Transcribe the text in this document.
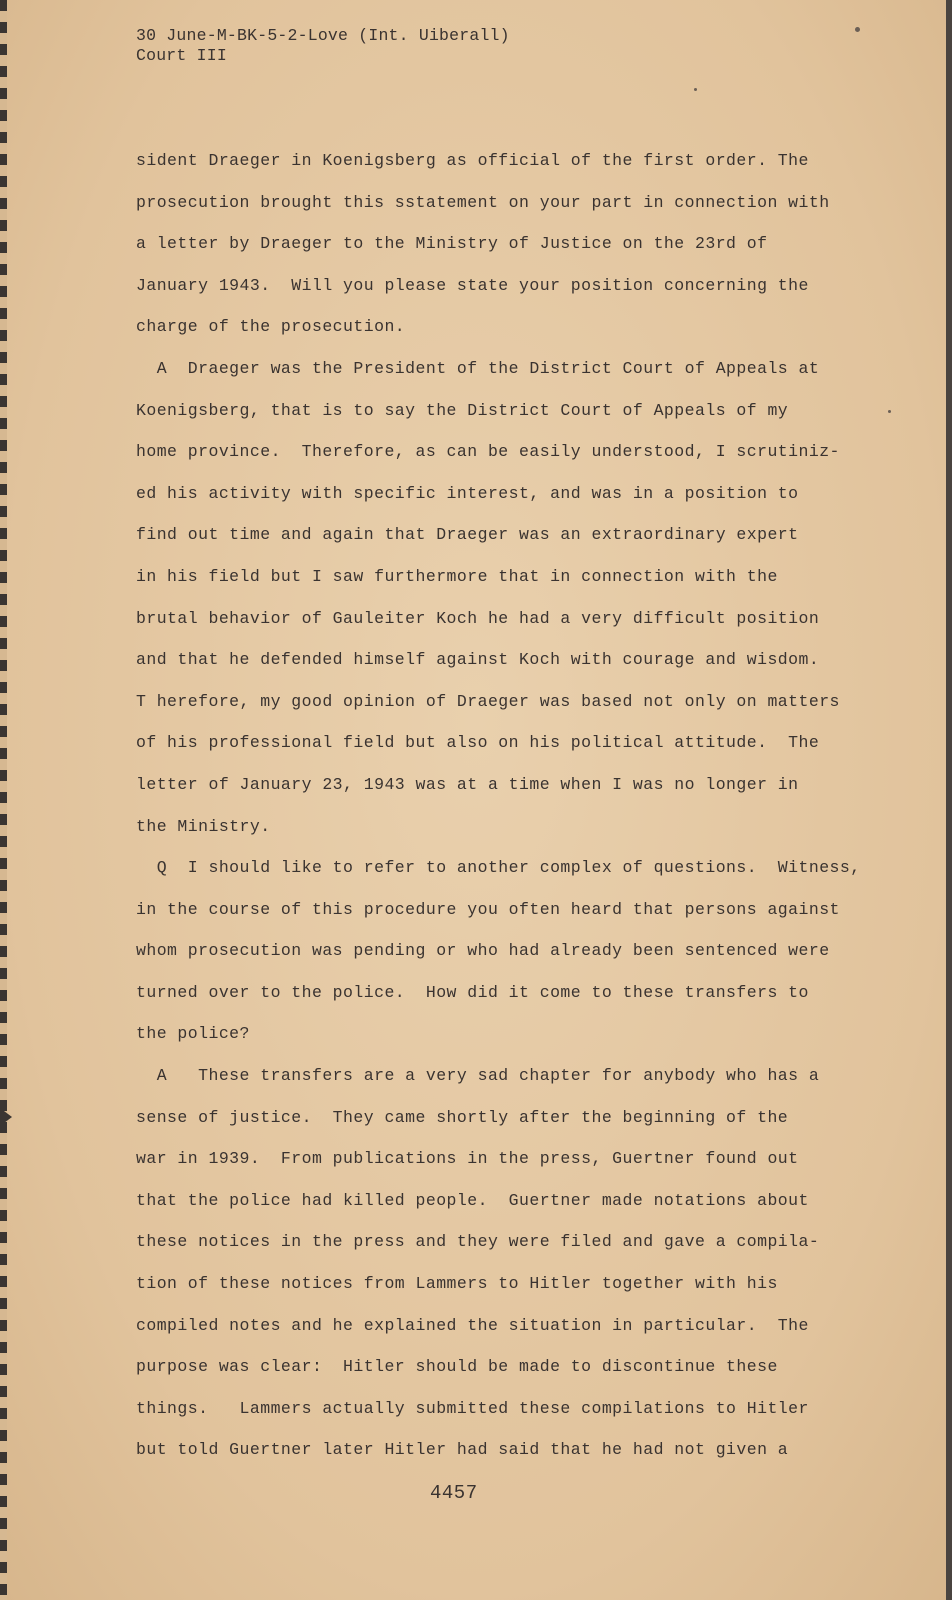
30 June-M-BK-5-2-Love (Int. Uiberall)
Court III
sident Draeger in Koenigsberg as official of the first order. The
prosecution brought this sstatement on your part in connection with
a letter by Draeger to the Ministry of Justice on the 23rd of
January 1943.  Will you please state your position concerning the
charge of the prosecution.
A  Draeger was the President of the District Court of Appeals at
Koenigsberg, that is to say the District Court of Appeals of my
home province.  Therefore, as can be easily understood, I scrutiniz-
ed his activity with specific interest, and was in a position to
find out time and again that Draeger was an extraordinary expert
in his field but I saw furthermore that in connection with the
brutal behavior of Gauleiter Koch he had a very difficult position
and that he defended himself against Koch with courage and wisdom.
T herefore, my good opinion of Draeger was based not only on matters
of his professional field but also on his political attitude.  The
letter of January 23, 1943 was at a time when I was no longer in
the Ministry.
Q  I should like to refer to another complex of questions.  Witness,
in the course of this procedure you often heard that persons against
whom prosecution was pending or who had already been sentenced were
turned over to the police.  How did it come to these transfers to
the police?
A   These transfers are a very sad chapter for anybody who has a
sense of justice.  They came shortly after the beginning of the
war in 1939.  From publications in the press, Guertner found out
that the police had killed people.  Guertner made notations about
these notices in the press and they were filed and gave a compila-
tion of these notices from Lammers to Hitler together with his
compiled notes and he explained the situation in particular.  The
purpose was clear:  Hitler should be made to discontinue these
things.   Lammers actually submitted these compilations to Hitler
but told Guertner later Hitler had said that he had not given a
4457
